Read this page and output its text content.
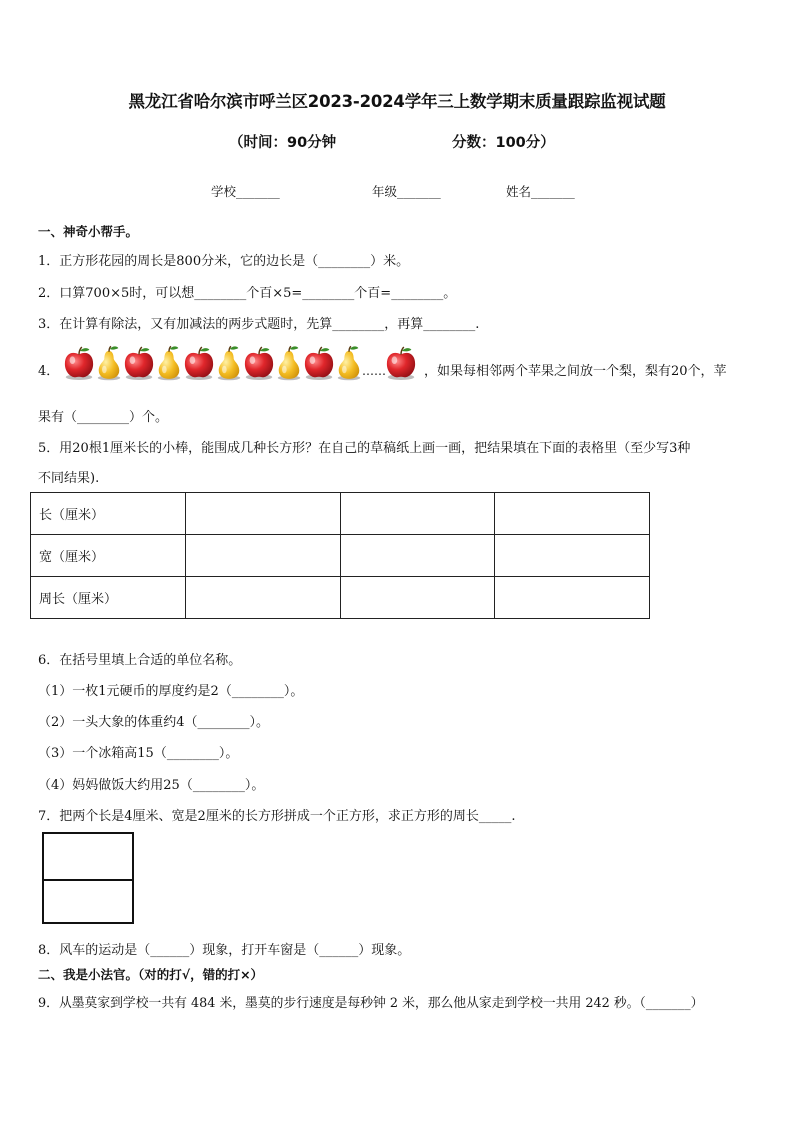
黑龙江省哈尔滨市呼兰区2023-2024学年三上数学期末质量跟踪监视试题
（时间：90分钟	分数：100分）
学校_______	年级_______	姓名_______
一、神奇小帮手。
1．正方形花园的周长是800分米，它的边长是（________）米。
2．口算700×5时，可以想________个百×5=________个百=________。
3．在计算有除法，又有加减法的两步式题时，先算________，再算________.
4．	……	，如果每相邻两个苹果之间放一个梨，梨有20个，苹
果有（________）个。
5．用20根1厘米长的小棒，能围成几种长方形？在自己的草稿纸上画一画，把结果填在下面的表格里（至少写3种
不同结果).
长（厘米）			
宽（厘米）			
周长（厘米）			
6．在括号里填上合适的单位名称。
（1）一枚1元硬币的厚度约是2（________）。
（2）一头大象的体重约4（________）。
（3）一个冰箱高15（________）。
（4）妈妈做饭大约用25（________）。
7．把两个长是4厘米、宽是2厘米的长方形拼成一个正方形，求正方形的周长_____.
8．风车的运动是（______）现象，打开车窗是（______）现象。
二、我是小法官。（对的打√，错的打×）
9．从墨莫家到学校一共有 484 米，墨莫的步行速度是每秒钟 2 米，那么他从家走到学校一共用 242 秒。（_______）
